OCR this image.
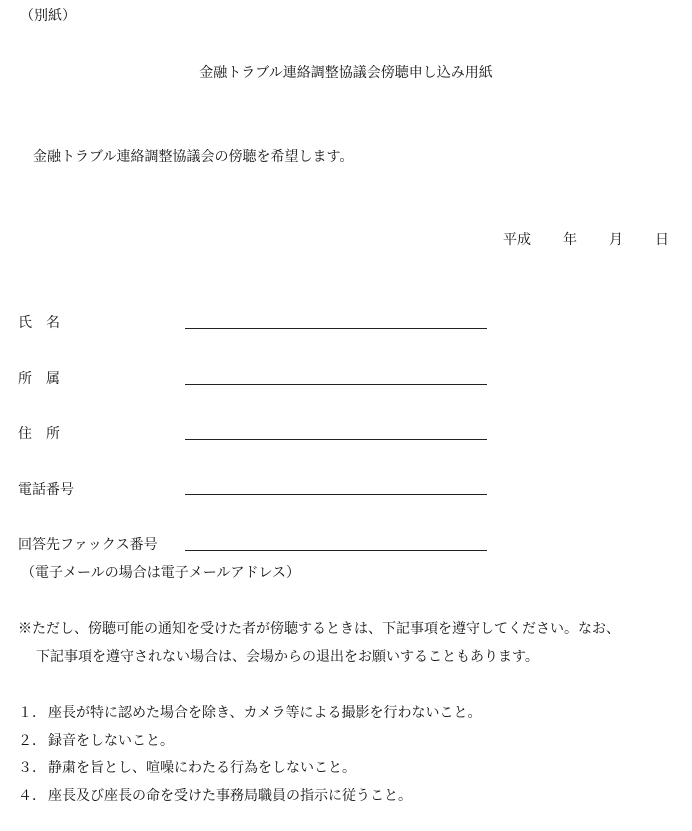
（別紙）
金融トラブル連絡調整協議会傍聴申し込み用紙
金融トラブル連絡調整協議会の傍聴を希望します。
平成 年 月 日
氏　名
所　属
住　所
電話番号
回答先ファックス番号
（電子メールの場合は電子メールアドレス）
※ただし、傍聴可能の通知を受けた者が傍聴するときは、下記事項を遵守してください。なお、
下記事項を遵守されない場合は、会場からの退出をお願いすることもあります。
１． 座長が特に認めた場合を除き、カメラ等による撮影を行わないこと。
２． 録音をしないこと。
３． 静粛を旨とし、喧噪にわたる行為をしないこと。
４． 座長及び座長の命を受けた事務局職員の指示に従うこと。
